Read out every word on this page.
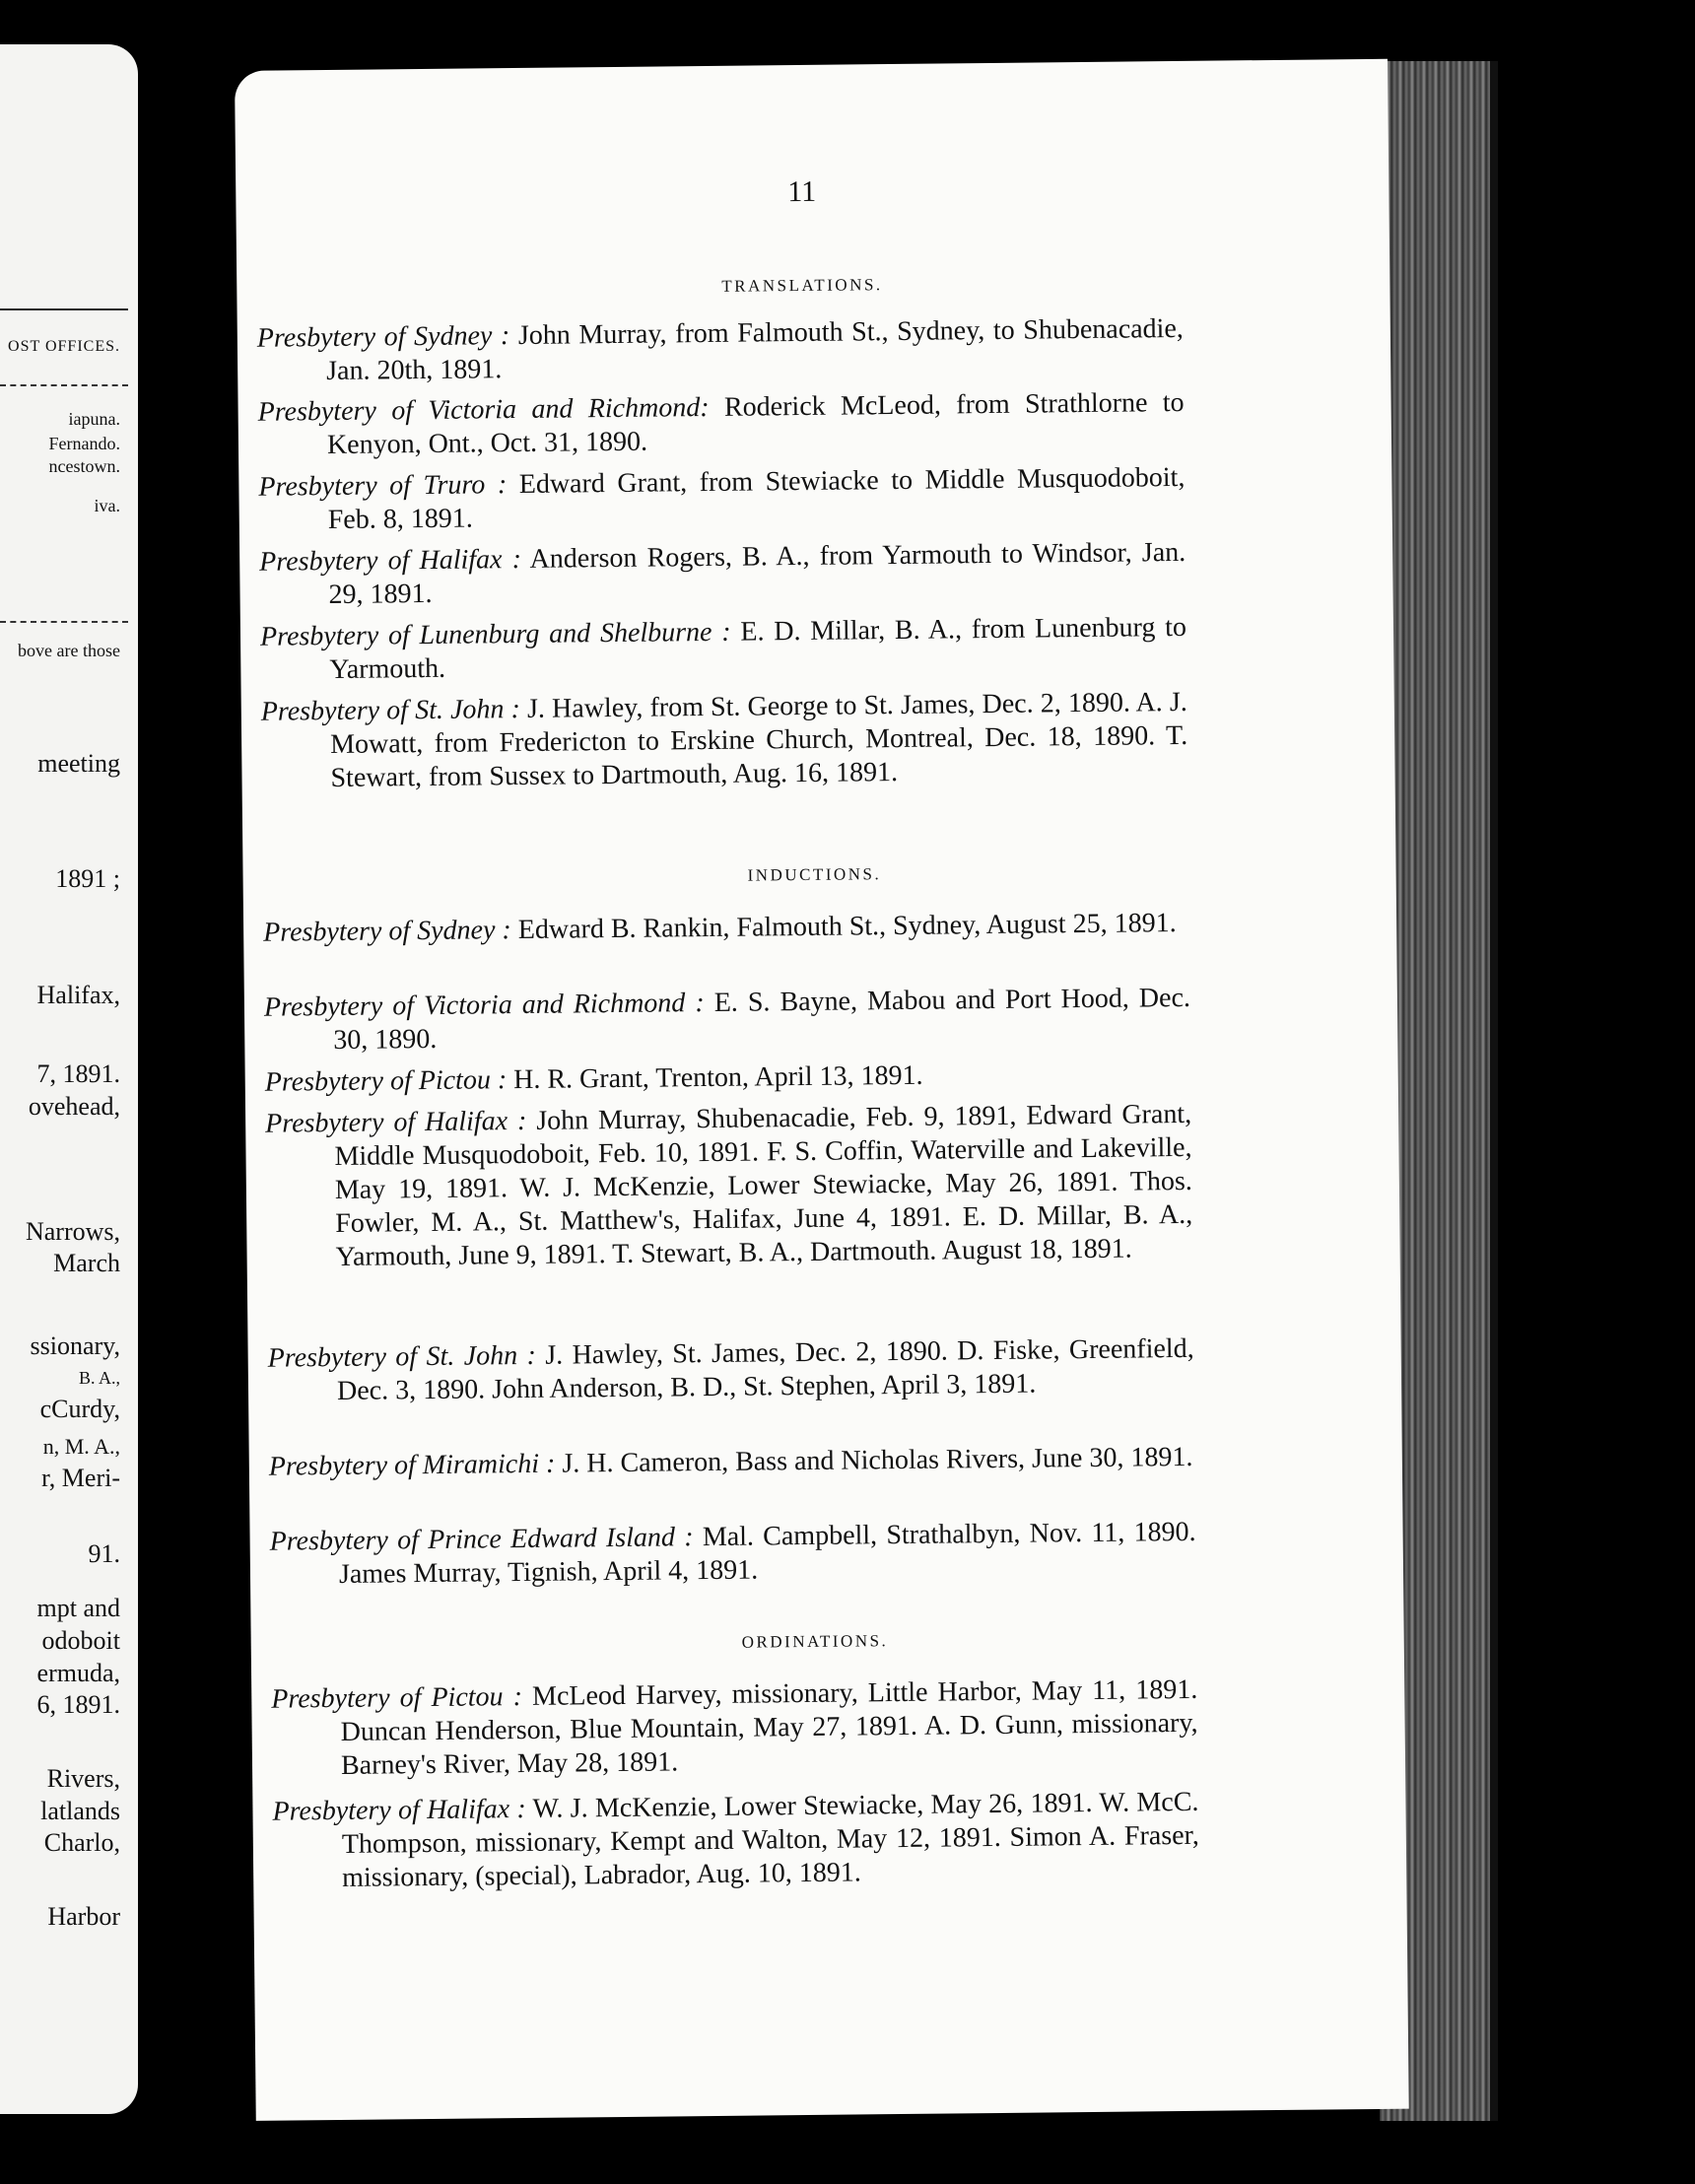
OST OFFICES.
iapuna.
Fernando.
ncestown.
iva.
bove are those
meeting
1891 ;
Halifax,
7, 1891.
ovehead,
Narrows,
March
ssionary,
B. A.,
cCurdy,
n, M. A.,
r, Meri-
91.
mpt and
odoboit
ermuda,
6, 1891.
Rivers,
latlands
Charlo,
Harbor
11
TRANSLATIONS.
Presbytery of Sydney : John Murray, from Falmouth St., Sydney, to Shubenacadie, Jan. 20th, 1891.
Presbytery of Victoria and Richmond: Roderick McLeod, from Strathlorne to Kenyon, Ont., Oct. 31, 1890.
Presbytery of Truro : Edward Grant, from Stewiacke to Middle Musquodoboit, Feb. 8, 1891.
Presbytery of Halifax : Anderson Rogers, B. A., from Yarmouth to Windsor, Jan. 29, 1891.
Presbytery of Lunenburg and Shelburne : E. D. Millar, B. A., from Lunenburg to Yarmouth.
Presbytery of St. John : J. Hawley, from St. George to St. James, Dec. 2, 1890. A. J. Mowatt, from Fredericton to Erskine Church, Montreal, Dec. 18, 1890. T. Stewart, from Sussex to Dartmouth, Aug. 16, 1891.
INDUCTIONS.
Presbytery of Sydney : Edward B. Rankin, Falmouth St., Sydney, August 25, 1891.
Presbytery of Victoria and Richmond : E. S. Bayne, Mabou and Port Hood, Dec. 30, 1890.
Presbytery of Pictou : H. R. Grant, Trenton, April 13, 1891.
Presbytery of Halifax : John Murray, Shubenacadie, Feb. 9, 1891, Edward Grant, Middle Musquodoboit, Feb. 10, 1891. F. S. Coffin, Waterville and Lakeville, May 19, 1891. W. J. McKenzie, Lower Stewiacke, May 26, 1891. Thos. Fowler, M. A., St. Matthew's, Halifax, June 4, 1891. E. D. Millar, B. A., Yarmouth, June 9, 1891. T. Stewart, B. A., Dartmouth. August 18, 1891.
Presbytery of St. John : J. Hawley, St. James, Dec. 2, 1890. D. Fiske, Greenfield, Dec. 3, 1890. John Anderson, B. D., St. Stephen, April 3, 1891.
Presbytery of Miramichi : J. H. Cameron, Bass and Nicholas Rivers, June 30, 1891.
Presbytery of Prince Edward Island : Mal. Campbell, Strathalbyn, Nov. 11, 1890. James Murray, Tignish, April 4, 1891.
ORDINATIONS.
Presbytery of Pictou : McLeod Harvey, missionary, Little Harbor, May 11, 1891. Duncan Henderson, Blue Mountain, May 27, 1891. A. D. Gunn, missionary, Barney's River, May 28, 1891.
Presbytery of Halifax : W. J. McKenzie, Lower Stewiacke, May 26, 1891. W. McC. Thompson, missionary, Kempt and Walton, May 12, 1891. Simon A. Fraser, missionary, (special), Labrador, Aug. 10, 1891.
